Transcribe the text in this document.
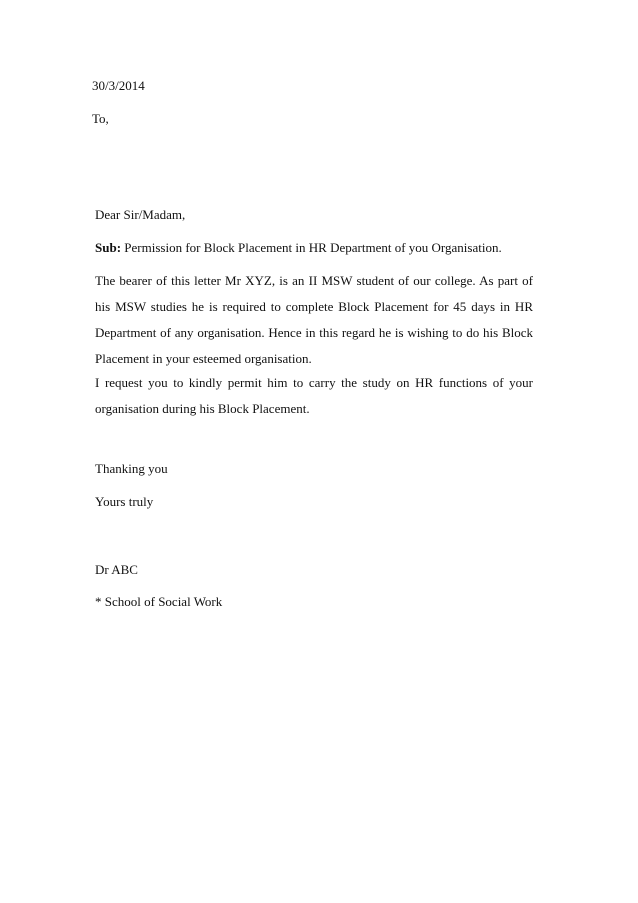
30/3/2014
To,
Dear Sir/Madam,
Sub: Permission for Block Placement in HR Department of you Organisation.
The bearer of this letter Mr XYZ, is an II MSW student of our college. As part of his MSW studies he is required to complete Block Placement for 45 days in HR Department of any organisation. Hence in this regard he is wishing to do his Block Placement in your esteemed organisation.
I request you to kindly permit him to carry the study on HR functions of your organisation during his Block Placement.
Thanking you
Yours truly
Dr ABC
* School of Social Work
